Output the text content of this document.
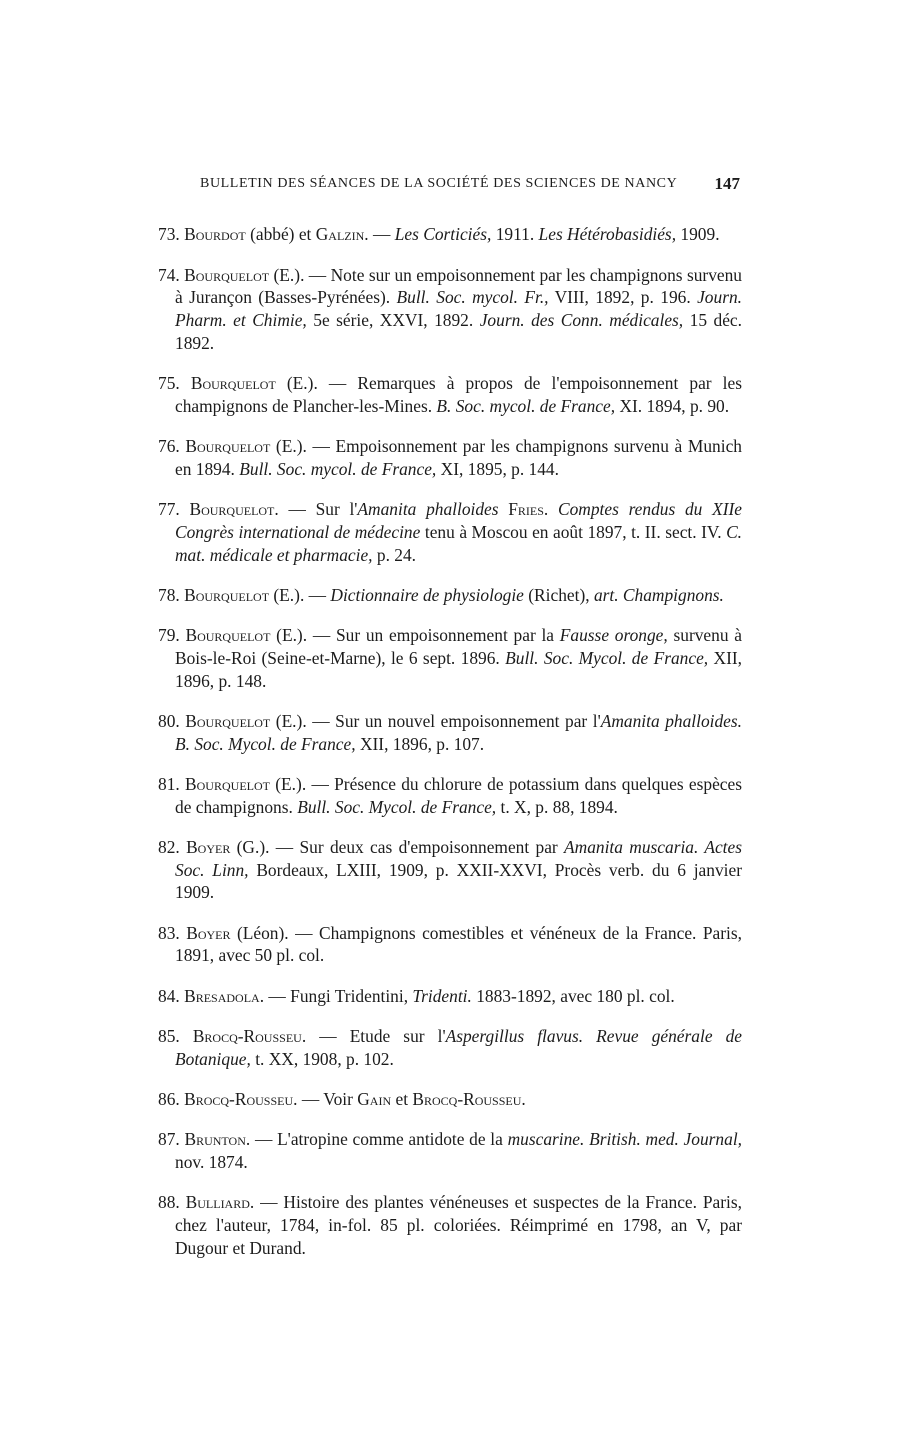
BULLETIN DES SÉANCES DE LA SOCIÉTÉ DES SCIENCES DE NANCY 147

73. Bourdot (abbé) et Galzin. — Les Corticiés, 1911. Les Hétérobasidiés, 1909.

74. Bourquelot (E.). — Note sur un empoisonnement par les champignons survenu à Jurançon (Basses-Pyrénées). Bull. Soc. mycol. Fr., VIII, 1892, p. 196. Journ. Pharm. et Chimie, 5e série, XXVI, 1892. Journ. des Conn. médicales, 15 déc. 1892.

75. Bourquelot (E.). — Remarques à propos de l'empoisonnement par les champignons de Plancher-les-Mines. B. Soc. mycol. de France, XI. 1894, p. 90.

76. Bourquelot (E.). — Empoisonnement par les champignons survenu à Munich en 1894. Bull. Soc. mycol. de France, XI, 1895, p. 144.

77. Bourquelot. — Sur l'Amanita phalloides Fries. Comptes rendus du XIIe Congrès international de médecine tenu à Moscou en août 1897, t. II. sect. IV. C. mat. médicale et pharmacie, p. 24.

78. Bourquelot (E.). — Dictionnaire de physiologie (Richet), art. Champignons.

79. Bourquelot (E.). — Sur un empoisonnement par la Fausse oronge, survenu à Bois-le-Roi (Seine-et-Marne), le 6 sept. 1896. Bull. Soc. Mycol. de France, XII, 1896, p. 148.

80. Bourquelot (E.). — Sur un nouvel empoisonnement par l'Amanita phalloides. B. Soc. Mycol. de France, XII, 1896, p. 107.

81. Bourquelot (E.). — Présence du chlorure de potassium dans quelques espèces de champignons. Bull. Soc. Mycol. de France, t. X, p. 88, 1894.

82. Boyer (G.). — Sur deux cas d'empoisonnement par Amanita muscaria. Actes Soc. Linn, Bordeaux, LXIII, 1909, p. XXII-XXVI, Procès verb. du 6 janvier 1909.

83. Boyer (Léon). — Champignons comestibles et vénéneux de la France. Paris, 1891, avec 50 pl. col.

84. Bresadola. — Fungi Tridentini, Tridenti. 1883-1892, avec 180 pl. col.

85. Brocq-Rousseu. — Etude sur l'Aspergillus flavus. Revue générale de Botanique, t. XX, 1908, p. 102.

86. Brocq-Rousseu. — Voir Gain et Brocq-Rousseu.

87. Brunton. — L'atropine comme antidote de la muscarine. British. med. Journal, nov. 1874.

88. Bulliard. — Histoire des plantes vénéneuses et suspectes de la France. Paris, chez l'auteur, 1784, in-fol. 85 pl. coloriées. Réimprimé en 1798, an V, par Dugour et Durand.
